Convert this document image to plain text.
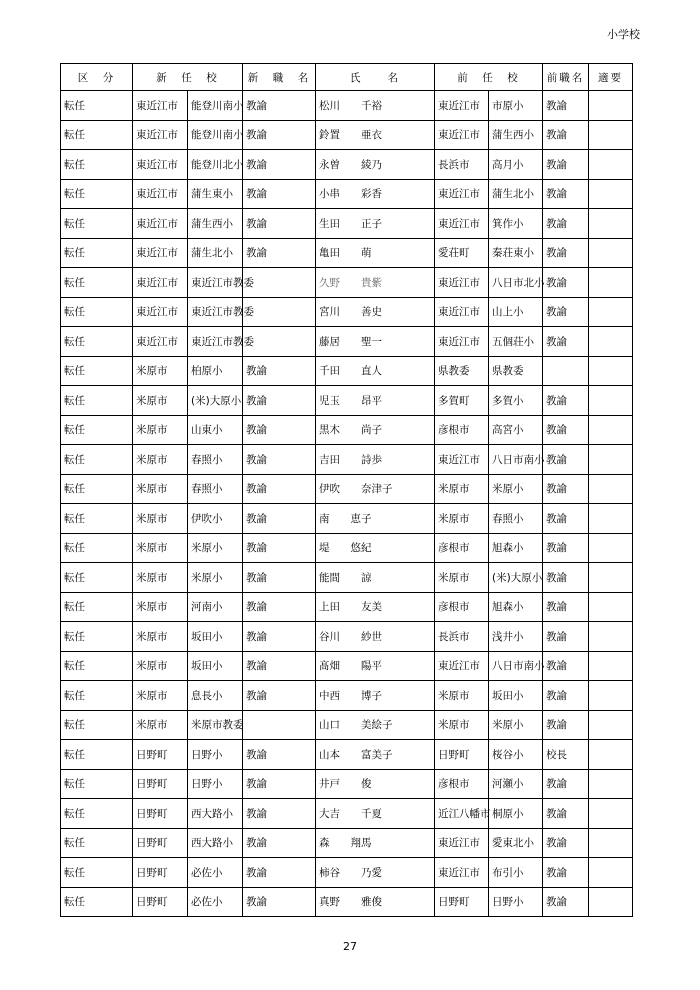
小学校
区　分	新　任　校		新　職　名	氏　　名	前　任　校		前職名	適要
転任	東近江市	能登川南小	教諭	松川　　千裕	東近江市	市原小	教諭	
転任	東近江市	能登川南小	教諭	鈴置　　亜衣	東近江市	蒲生西小	教諭	
転任	東近江市	能登川北小	教諭	永曽　　綾乃	長浜市	高月小	教諭	
転任	東近江市	蒲生東小	教諭	小串　　彩香	東近江市	蒲生北小	教諭	
転任	東近江市	蒲生西小	教諭	生田　　正子	東近江市	箕作小	教諭	
転任	東近江市	蒲生北小	教諭	亀田　　萌	愛荘町	秦荘東小	教諭	
転任	東近江市	東近江市教委		久野　　貴紫	東近江市	八日市北小	教諭	
転任	東近江市	東近江市教委		宮川　　善史	東近江市	山上小	教諭	
転任	東近江市	東近江市教委		藤居　　聖一	東近江市	五個荘小	教諭	
転任	米原市	柏原小	教諭	千田　　直人	県教委	県教委		
転任	米原市	(米)大原小	教諭	児玉　　昂平	多賀町	多賀小	教諭	
転任	米原市	山東小	教諭	黒木　　尚子	彦根市	高宮小	教諭	
転任	米原市	春照小	教諭	吉田　　詩歩	東近江市	八日市南小	教諭	
転任	米原市	春照小	教諭	伊吹　　奈津子	米原市	米原小	教諭	
転任	米原市	伊吹小	教諭	南　　恵子	米原市	春照小	教諭	
転任	米原市	米原小	教諭	堤　　悠紀	彦根市	旭森小	教諭	
転任	米原市	米原小	教諭	能間　　諒	米原市	(米)大原小	教諭	
転任	米原市	河南小	教諭	上田　　友美	彦根市	旭森小	教諭	
転任	米原市	坂田小	教諭	谷川　　紗世	長浜市	浅井小	教諭	
転任	米原市	坂田小	教諭	髙畑　　陽平	東近江市	八日市南小	教諭	
転任	米原市	息長小	教諭	中西　　博子	米原市	坂田小	教諭	
転任	米原市	米原市教委		山口　　美絵子	米原市	米原小	教諭	
転任	日野町	日野小	教諭	山本　　富美子	日野町	桜谷小	校長	
転任	日野町	日野小	教諭	井戸　　俊	彦根市	河瀬小	教諭	
転任	日野町	西大路小	教諭	大吉　　千夏	近江八幡市	桐原小	教諭	
転任	日野町	西大路小	教諭	森　　翔馬	東近江市	愛東北小	教諭	
転任	日野町	必佐小	教諭	柿谷　　乃愛	東近江市	布引小	教諭	
転任	日野町	必佐小	教諭	真野　　雅俊	日野町	日野小	教諭	
27
